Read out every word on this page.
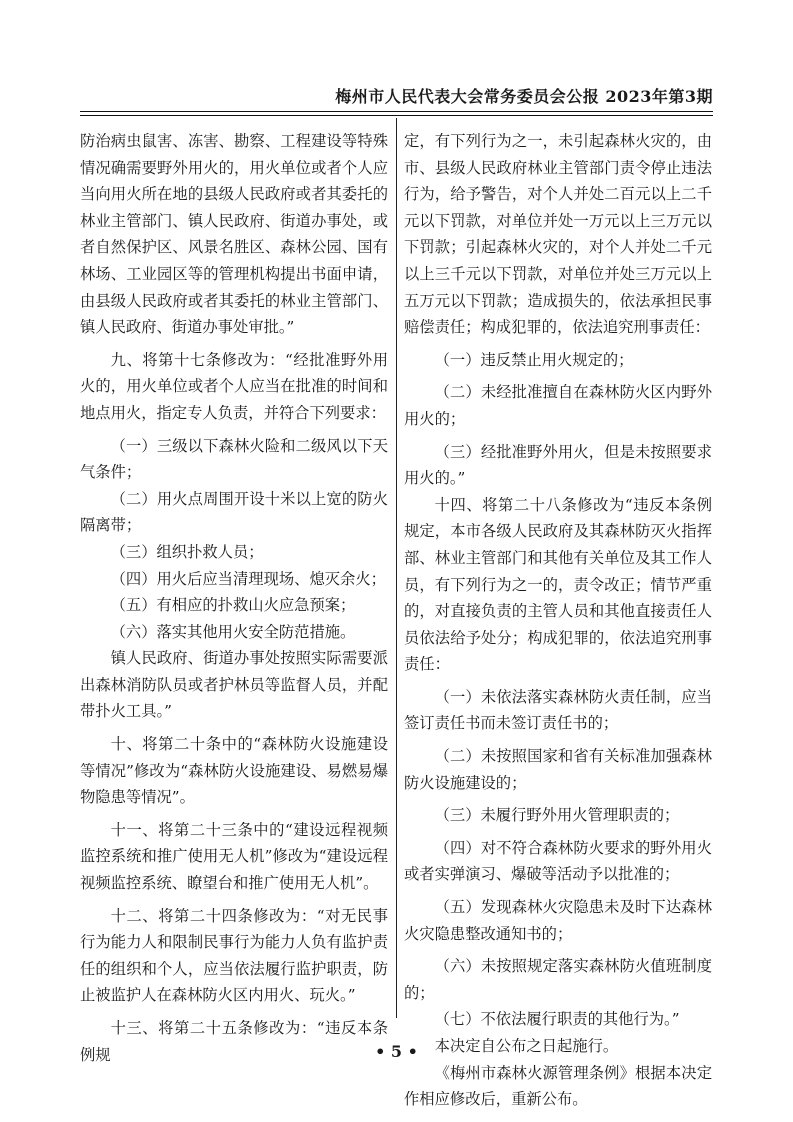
梅州市人民代表大会常务委员会公报 2023年第3期

防治病虫鼠害、冻害、勘察、工程建设等特殊情况确需要野外用火的，用火单位或者个人应当向用火所在地的县级人民政府或者其委托的林业主管部门、镇人民政府、街道办事处，或者自然保护区、风景名胜区、森林公园、国有林场、工业园区等的管理机构提出书面申请，由县级人民政府或者其委托的林业主管部门、镇人民政府、街道办事处审批。”

九、将第十七条修改为：“经批准野外用火的，用火单位或者个人应当在批准的时间和地点用火，指定专人负责，并符合下列要求：

（一）三级以下森林火险和二级风以下天气条件；

（二）用火点周围开设十米以上宽的防火隔离带；

（三）组织扑救人员；

（四）用火后应当清理现场、熄灭余火；

（五）有相应的扑救山火应急预案；

（六）落实其他用火安全防范措施。

镇人民政府、街道办事处按照实际需要派出森林消防队员或者护林员等监督人员，并配带扑火工具。”

十、将第二十条中的“森林防火设施建设等情况”修改为“森林防火设施建设、易燃易爆物隐患等情况”。

十一、将第二十三条中的“建设远程视频监控系统和推广使用无人机”修改为“建设远程视频监控系统、瞭望台和推广使用无人机”。

十二、将第二十四条修改为：“对无民事行为能力人和限制民事行为能力人负有监护责任的组织和个人，应当依法履行监护职责，防止被监护人在森林防火区内用火、玩火。”

十三、将第二十五条修改为：“违反本条例规

定，有下列行为之一，未引起森林火灾的，由市、县级人民政府林业主管部门责令停止违法行为，给予警告，对个人并处二百元以上二千元以下罚款，对单位并处一万元以上三万元以下罚款；引起森林火灾的，对个人并处二千元以上三千元以下罚款，对单位并处三万元以上五万元以下罚款；造成损失的，依法承担民事赔偿责任；构成犯罪的，依法追究刑事责任：

（一）违反禁止用火规定的；

（二）未经批准擅自在森林防火区内野外用火的；

（三）经批准野外用火，但是未按照要求用火的。”

十四、将第二十八条修改为“违反本条例规定，本市各级人民政府及其森林防灭火指挥部、林业主管部门和其他有关单位及其工作人员，有下列行为之一的，责令改正；情节严重的，对直接负责的主管人员和其他直接责任人员依法给予处分；构成犯罪的，依法追究刑事责任：

（一）未依法落实森林防火责任制，应当签订责任书而未签订责任书的；

（二）未按照国家和省有关标准加强森林防火设施建设的；

（三）未履行野外用火管理职责的；

（四）对不符合森林防火要求的野外用火或者实弹演习、爆破等活动予以批准的；

（五）发现森林火灾隐患未及时下达森林火灾隐患整改通知书的；

（六）未按照规定落实森林防火值班制度的；

（七）不依法履行职责的其他行为。”

本决定自公布之日起施行。

《梅州市森林火源管理条例》根据本决定作相应修改后，重新公布。

• 5 •
